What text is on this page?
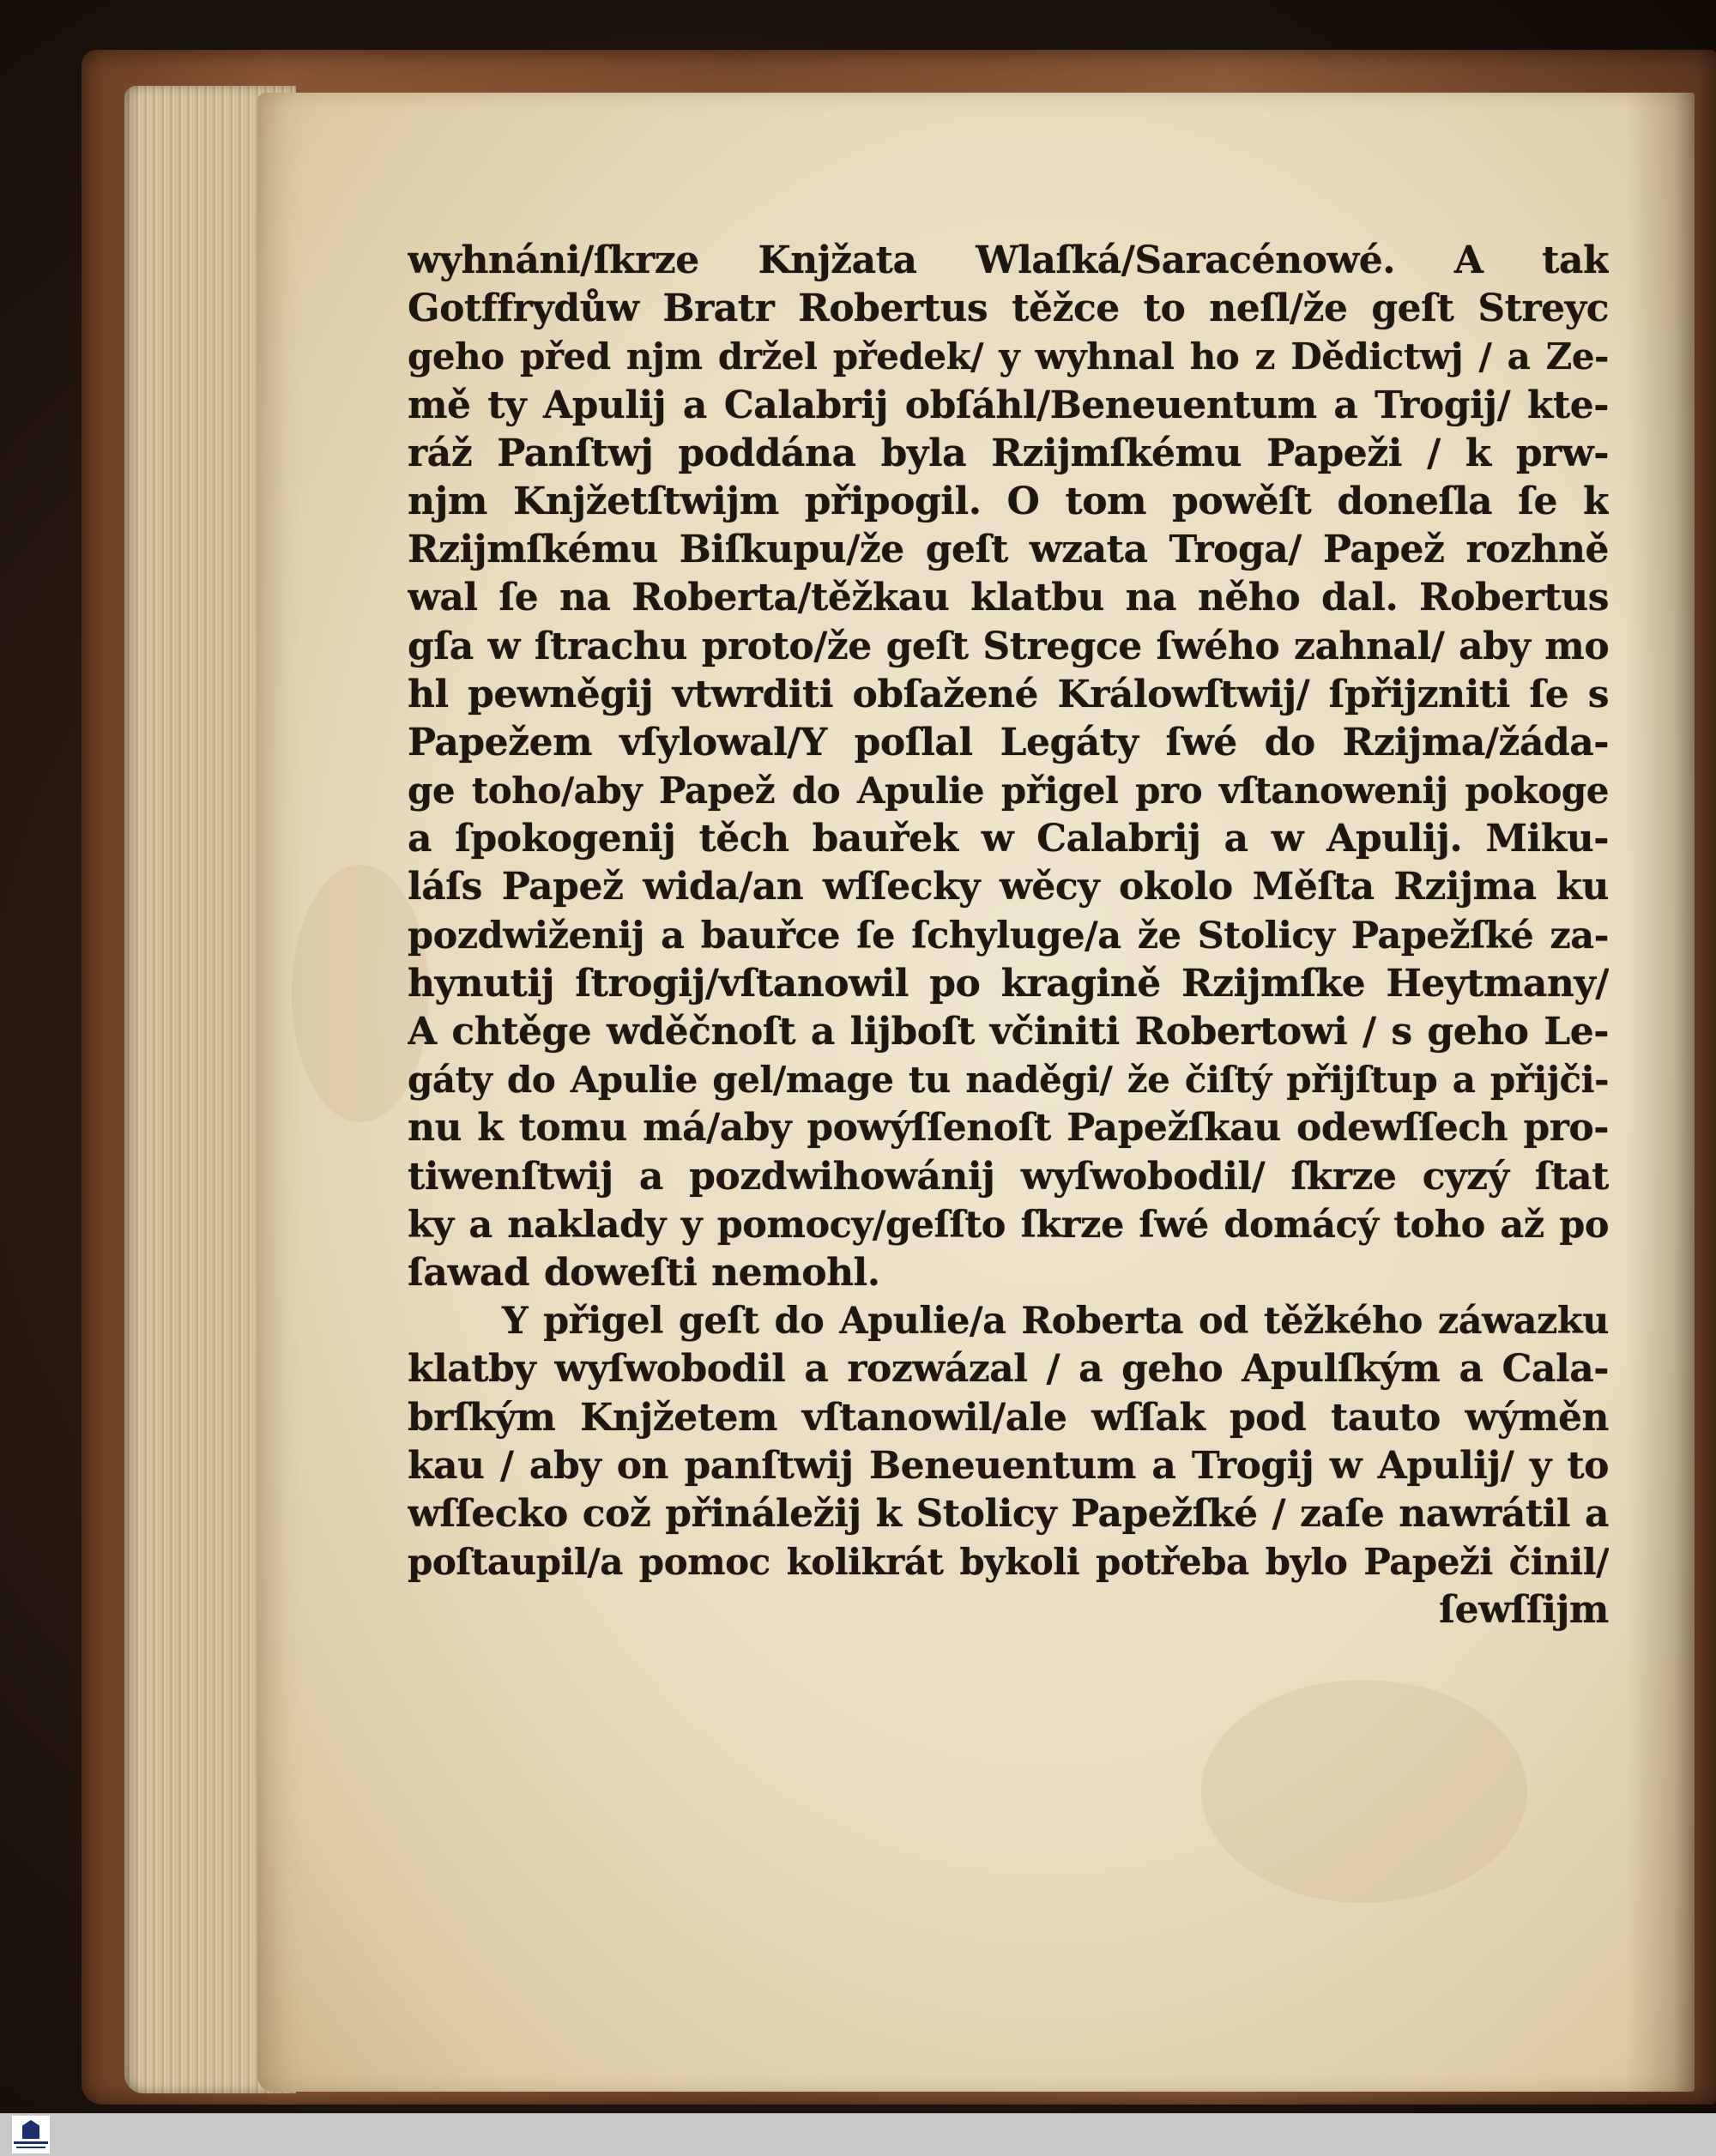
wyhnáni/ſkrze Knjžata Wlaſká/Saracénowé. A tak
Gotffrydůw Bratr Robertus těžce to neſl/že geſt Streyc
geho před njm držel předek/ y wyhnal ho z Dědictwj / a Ze-
mě ty Apulij a Calabrij obſáhl/Beneuentum a Trogij/ kte-
ráž Panſtwj poddána byla Rzijmſkému Papeži / k prw-
njm Knjžetſtwijm připogil. O tom powěſt doneſla ſe k
Rzijmſkému Biſkupu/že geſt wzata Troga/ Papež rozhně
wal ſe na Roberta/těžkau klatbu na něho dal. Robertus
gſa w ſtrachu proto/že geſt Stregce ſwého zahnal/ aby mo
hl pewněgij vtwrditi obſažené Králowſtwij/ ſpřijzniti ſe s
Papežem vſylowal/Y poſlal Legáty ſwé do Rzijma/žáda-
ge toho/aby Papež do Apulie přigel pro vſtanowenij pokoge
a ſpokogenij těch bauřek w Calabrij a w Apulij. Miku-
láſs Papež wida/an wſſecky wěcy okolo Měſta Rzijma ku
pozdwiženij a bauřce ſe ſchyluge/a že Stolicy Papežſké za-
hynutij ſtrogij/vſtanowil po kragině Rzijmſke Heytmany/
A chtěge wděčnoſt a lijboſt včiniti Robertowi / s geho Le-
gáty do Apulie gel/mage tu naděgi/ že čiſtý přijſtup a přijči-
nu k tomu má/aby powýſſenoſt Papežſkau odewſſech pro-
tiwenſtwij a pozdwihowánij wyſwobodil/ ſkrze cyzý ſtat
ky a naklady y pomocy/geſſto ſkrze ſwé domácý toho až po
ſawad doweſti nemohl.
Y přigel geſt do Apulie/a Roberta od těžkého záwazku
klatby wyſwobodil a rozwázal / a geho Apulſkým a Cala-
brſkým Knjžetem vſtanowil/ale wſſak pod tauto wýměn
kau / aby on panſtwij Beneuentum a Trogij w Apulij/ y to
wſſecko což přináležij k Stolicy Papežſké / zaſe nawrátil a
poſtaupil/a pomoc kolikrát bykoli potřeba bylo Papeži činil/
ſewſſijm
